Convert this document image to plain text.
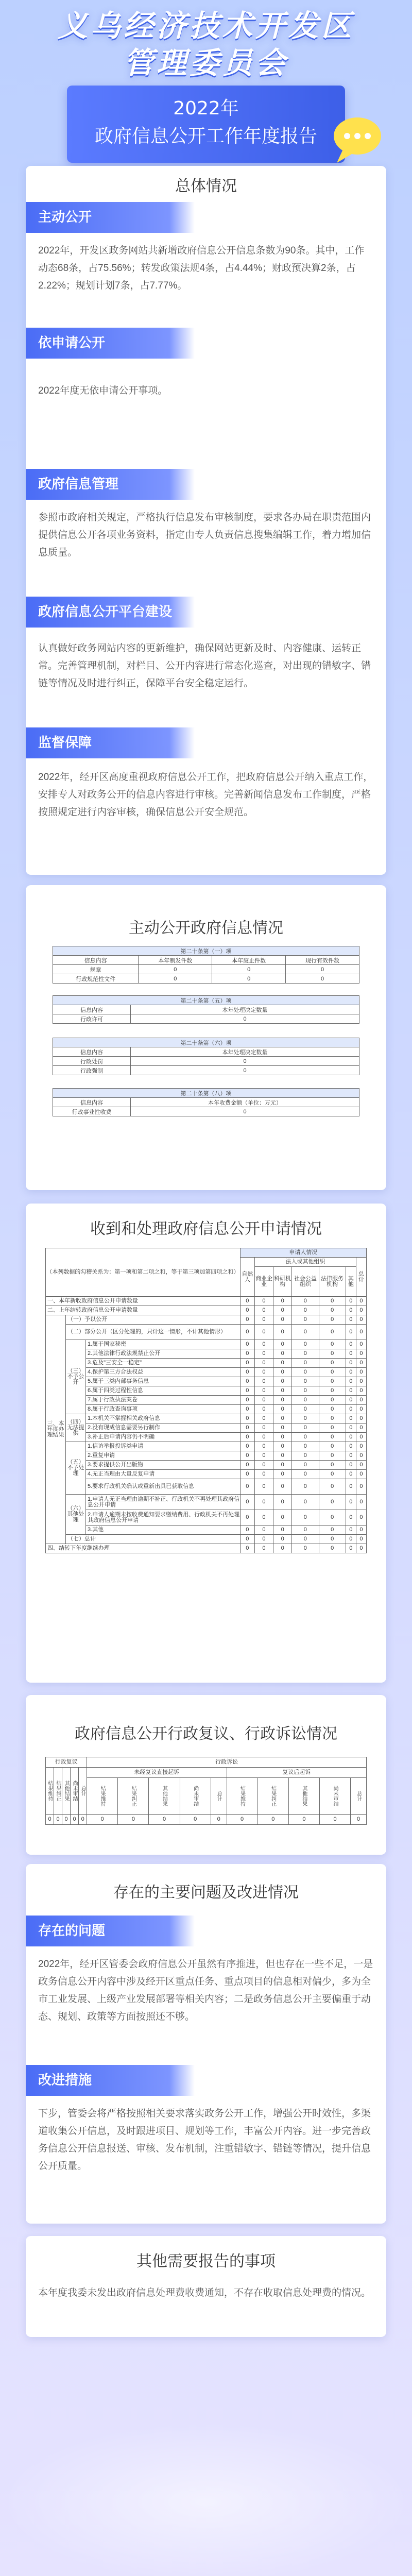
义乌经济技术开发区
管理委员会
2022年
政府信息公开工作年度报告
总体情况
主动公开
2022年，开发区政务网站共新增政府信息公开信息条数为90条。其中，工作动态68条，占75.56%；转发政策法规4条，占4.44%；财政预决算2条，占2.22%；规划计划7条，占7.77%。
依申请公开
2022年度无依申请公开事项。
政府信息管理
参照市政府相关规定，严格执行信息发布审核制度，要求各办局在职责范围内提供信息公开各项业务资料，指定由专人负责信息搜集编辑工作，着力增加信息质量。
政府信息公开平台建设
认真做好政务网站内容的更新维护，确保网站更新及时、内容健康、运转正常。完善管理机制，对栏目、公开内容进行常态化巡查，对出现的错敏字、错链等情况及时进行纠正，保障平台安全稳定运行。
监督保障
2022年，经开区高度重视政府信息公开工作，把政府信息公开纳入重点工作，安排专人对政务公开的信息内容进行审核。完善新闻信息发布工作制度，严格按照规定进行内容审核，确保信息公开安全规范。
主动公开政府信息情况
第二十条第（一）项			
信息内容	本年制发件数	本年废止件数	现行有效件数
规章	0	0	0
行政规范性文件	0	0	0
第二十条第（五）项	
信息内容	本年处理决定数量
行政许可	0
第二十条第（六）项	
信息内容	本年处理决定数量
行政处罚	0
行政强制	0
第二十条第（八）项	
信息内容	本年收费金额（单位：万元）
行政事业性收费	0
收到和处理政府信息公开申请情况
（本列数据的勾稽关系为：第一项和第二项之和，等于第三项加第四项之和）			申请人情况						
			自然人	法人或其他组织					总计
				商业企业	科研机构	社会公益组织	法律服务机构	其他	
一、本年新收政府信息公开申请数量			0	0	0	0	0	0	0
二、上年结转政府信息公开申请数量			0	0	0	0	0	0	0
三、本年度办理结果	（一）予以公开		0	0	0	0	0	0	0
	（二）部分公开（区分处理的，只计这一情形，不计其他情形）		0	0	0	0	0	0	0
	（三）不予公开	1.属于国家秘密	0	0	0	0	0	0	0
		2.其他法律行政法规禁止公开	0	0	0	0	0	0	0
		3.危及"三安全一稳定"	0	0	0	0	0	0	0
		4.保护第三方合法权益	0	0	0	0	0	0	0
		5.属于三类内部事务信息	0	0	0	0	0	0	0
		6.属于四类过程性信息	0	0	0	0	0	0	0
		7.属于行政执法案卷	0	0	0	0	0	0	0
		8.属于行政查询事项	0	0	0	0	0	0	0
	（四）无法提供	1.本机关不掌握相关政府信息	0	0	0	0	0	0	0
		2.没有现成信息需要另行制作	0	0	0	0	0	0	0
		3.补正后申请内容仍不明确	0	0	0	0	0	0	0
	（五）不予处理	1.信访举报投诉类申请	0	0	0	0	0	0	0
		2.重复申请	0	0	0	0	0	0	0
		3.要求提供公开出版物	0	0	0	0	0	0	0
		4.无正当理由大量反复申请	0	0	0	0	0	0	0
		5.要求行政机关确认或重新出具已获取信息	0	0	0	0	0	0	0
	（六）其他处理	1.申请人无正当理由逾期不补正、行政机关不再处理其政府信息公开申请	0	0	0	0	0	0	0
		2.申请人逾期未按收费通知要求缴纳费用、行政机关不再处理其政府信息公开申请	0	0	0	0	0	0	0
		3.其他	0	0	0	0	0	0	0
	（七）总计		0	0	0	0	0	0	0
四、结转下年度继续办理			0	0	0	0	0	0	0
政府信息公开行政复议、行政诉讼情况
行政复议					行政诉讼									
结果维持	结果纠正	其他结果	尚未审结	总计	未经复议直接起诉					复议后起诉				
					结果维持	结果纠正	其他结果	尚未审结	总计	结果维持	结果纠正	其他结果	尚未审结	总计
0	0	0	0	0	0	0	0	0	0	0	0	0	0	0
存在的主要问题及改进情况
存在的问题
2022年，经开区管委会政府信息公开虽然有序推进，但也存在一些不足，一是政务信息公开内容中涉及经开区重点任务、重点项目的信息相对偏少，多为全市工业发展、上级产业发展部署等相关内容；二是政务信息公开主要偏重于动态、规划、政策等方面按照还不够。
改进措施
下步，管委会将严格按照相关要求落实政务公开工作，增强公开时效性，多渠道收集公开信息，及时跟进项目、规划等工作，丰富公开内容。进一步完善政务信息公开信息报送、审核、发布机制，注重错敏字、错链等情况，提升信息公开质量。
其他需要报告的事项
本年度我委未发出政府信息处理费收费通知，不存在收取信息处理费的情况。
